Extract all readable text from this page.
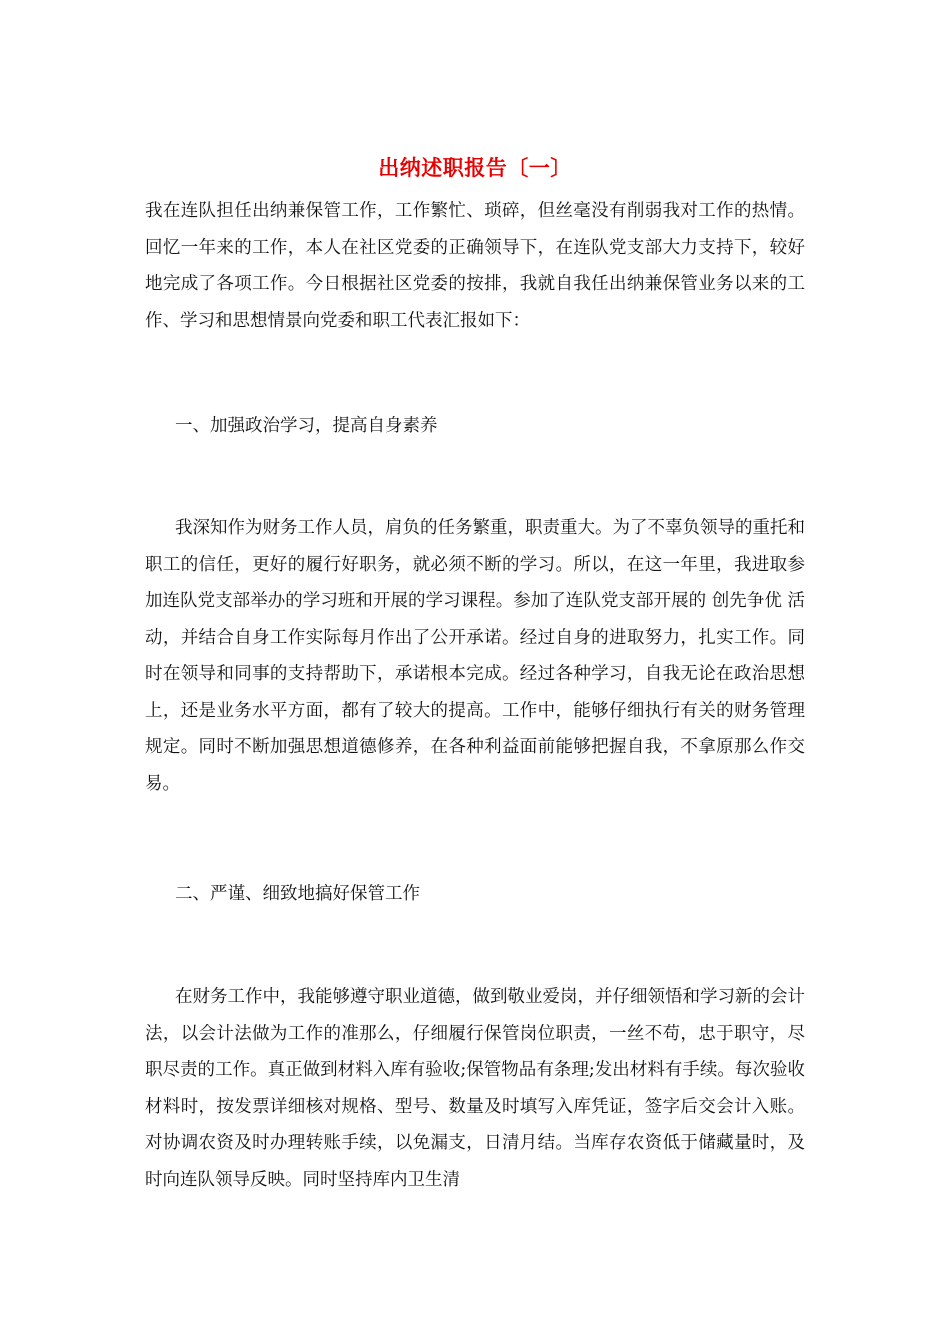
出纳述职报告〔一〕

我在连队担任出纳兼保管工作，工作繁忙、琐碎，但丝毫没有削弱我对工作的热情。回忆一年来的工作，本人在社区党委的正确领导下，在连队党支部大力支持下，较好地完成了各项工作。今日根据社区党委的按排，我就自我任出纳兼保管业务以来的工作、学习和思想情景向党委和职工代表汇报如下：

一、加强政治学习，提高自身素养

我深知作为财务工作人员，肩负的任务繁重，职责重大。为了不辜负领导的重托和职工的信任，更好的履行好职务，就必须不断的学习。所以，在这一年里，我进取参加连队党支部举办的学习班和开展的学习课程。参加了连队党支部开展的 创先争优 活动，并结合自身工作实际每月作出了公开承诺。经过自身的进取努力，扎实工作。同时在领导和同事的支持帮助下，承诺根本完成。经过各种学习，自我无论在政治思想上，还是业务水平方面，都有了较大的提高。工作中，能够仔细执行有关的财务管理规定。同时不断加强思想道德修养，在各种利益面前能够把握自我，不拿原那么作交易。

二、严谨、细致地搞好保管工作

在财务工作中，我能够遵守职业道德，做到敬业爱岗，并仔细领悟和学习新的会计法，以会计法做为工作的准那么，仔细履行保管岗位职责，一丝不苟，忠于职守，尽职尽责的工作。真正做到材料入库有验收;保管物品有条理;发出材料有手续。每次验收材料时，按发票详细核对规格、型号、数量及时填写入库凭证，签字后交会计入账。对协调农资及时办理转账手续，以免漏支，日清月结。当库存农资低于储藏量时，及时向连队领导反映。同时坚持库内卫生清
